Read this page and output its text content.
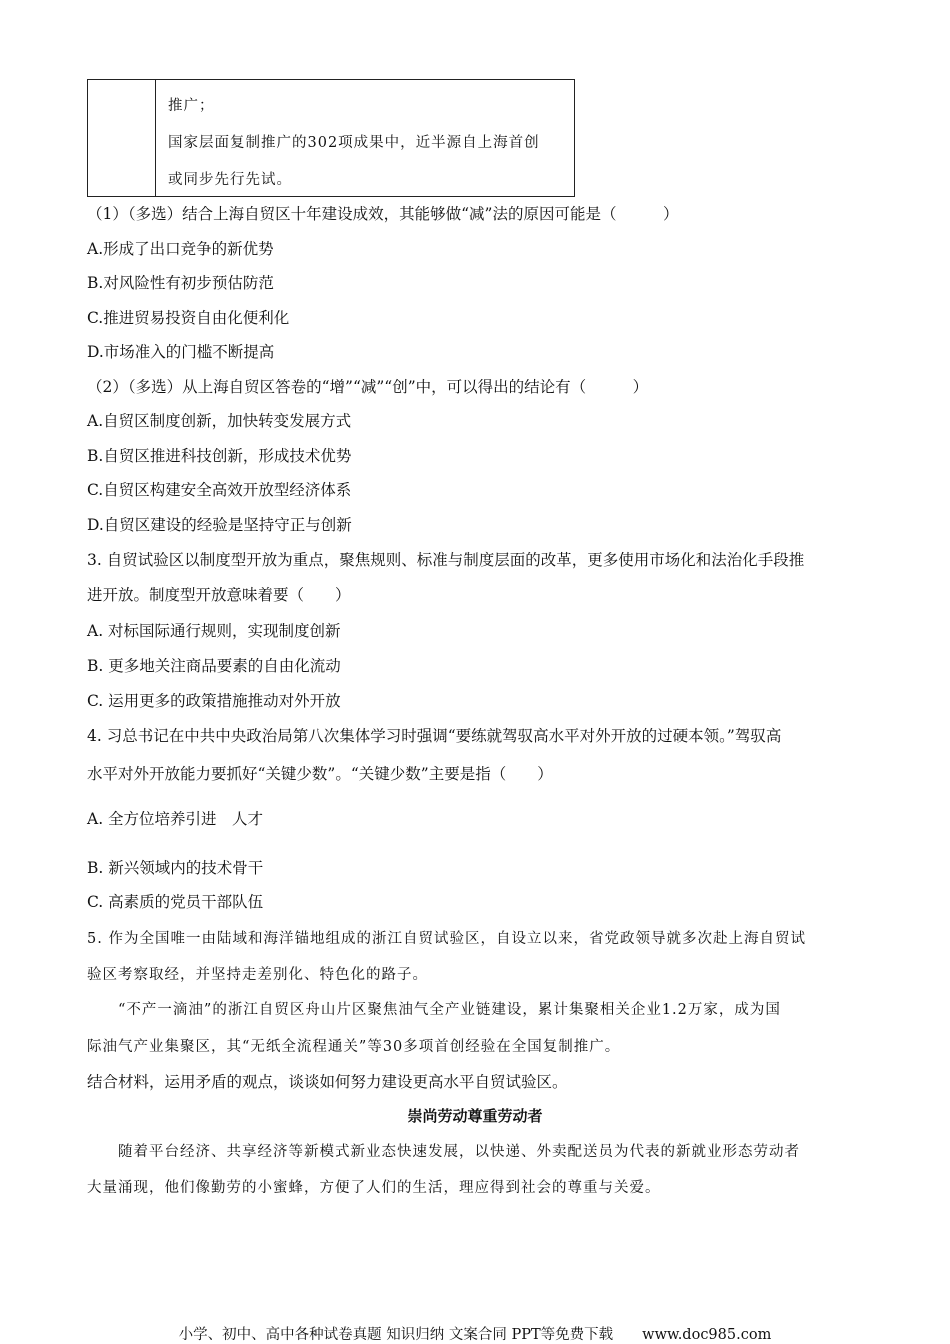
推广；
国家层面复制推广的302项成果中，近半源自上海首创
或同步先行先试。
（1）（多选）结合上海自贸区十年建设成效，其能够做“减”法的原因可能是（　　　）
A.形成了出口竞争的新优势
B.对风险性有初步预估防范
C.推进贸易投资自由化便利化
D.市场准入的门槛不断提高
（2）（多选）从上海自贸区答卷的“增”“减”“创”中，可以得出的结论有（　　　）
A.自贸区制度创新，加快转变发展方式
B.自贸区推进科技创新，形成技术优势
C.自贸区构建安全高效开放型经济体系
D.自贸区建设的经验是坚持守正与创新
3. 自贸试验区以制度型开放为重点，聚焦规则、标准与制度层面的改革，更多使用市场化和法治化手段推
进开放。制度型开放意味着要（　　）
A. 对标国际通行规则，实现制度创新
B. 更多地关注商品要素的自由化流动
C. 运用更多的政策措施推动对外开放
4. 习总书记在中共中央政治局第八次集体学习时强调“要练就驾驭高水平对外开放的过硬本领。”驾驭高
水平对外开放能力要抓好“关键少数”。“关键少数”主要是指（　　）
A. 全方位培养引进　人才
B. 新兴领域内的技术骨干
C. 高素质的党员干部队伍
5. 作为全国唯一由陆域和海洋锚地组成的浙江自贸试验区，自设立以来，省党政领导就多次赴上海自贸试
验区考察取经，并坚持走差别化、特色化的路子。
　　“不产一滴油”的浙江自贸区舟山片区聚焦油气全产业链建设，累计集聚相关企业1.2万家，成为国
际油气产业集聚区，其“无纸全流程通关”等30多项首创经验在全国复制推广。
结合材料，运用矛盾的观点，谈谈如何努力建设更高水平自贸试验区。
崇尚劳动尊重劳动者
　　随着平台经济、共享经济等新模式新业态快速发展，以快递、外卖配送员为代表的新就业形态劳动者
大量涌现，他们像勤劳的小蜜蜂，方便了人们的生活，理应得到社会的尊重与关爱。
小学、初中、高中各种试卷真题 知识归纳 文案合同 PPT等免费下载　　www.doc985.com
